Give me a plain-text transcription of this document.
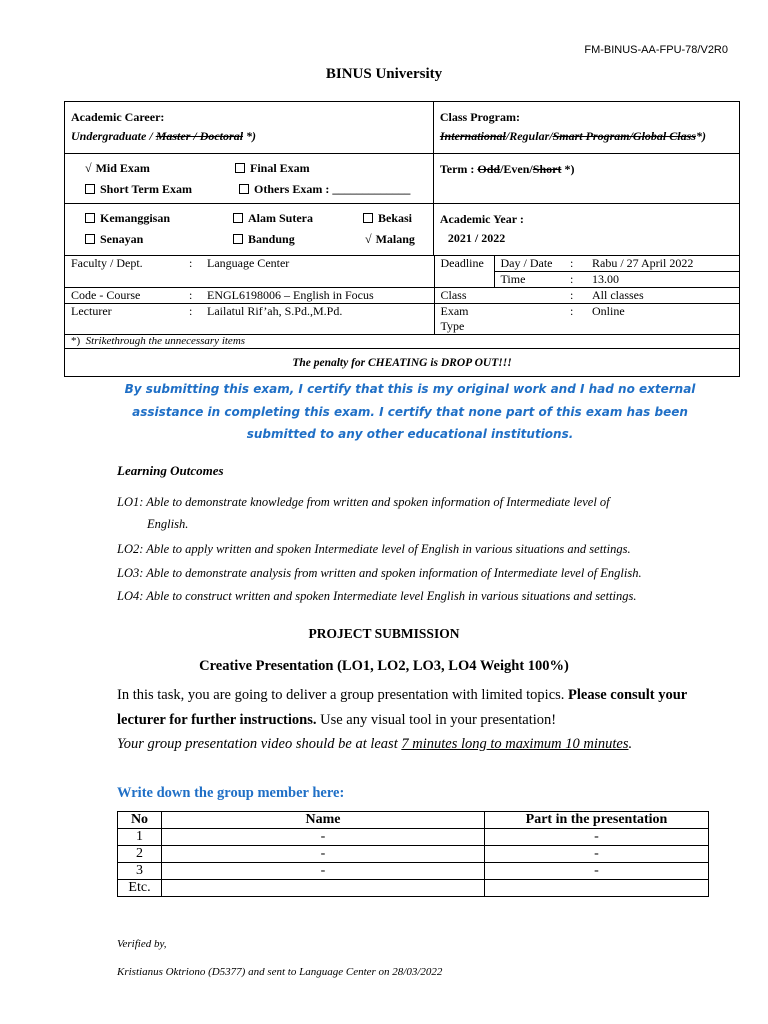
FM-BINUS-AA-FPU-78/V2R0
BINUS University
Academic Career:
Undergraduate / Master / Doctoral *)

Class Program:
International/Regular/Smart Program/Global Class*)

√ Mid Exam	Final Exam
Short Term Exam	Others Exam : _____________

Term : Odd/Even/Short *)

Kemanggisan	Alam Sutera	Bekasi
Senayan	Bandung	√ Malang

Academic Year :
2021 / 2022

Faculty / Dept.	: Language Center	Deadline	Day / Date	:	Rabu / 27 April 2022
Time	:	13.00
Code - Course	: ENGL6198006 – English in Focus	Class		:	All classes
Lecturer	: Lailatul Rif’ah, S.Pd.,M.Pd.	Exam Type		:	Online

*) Strikethrough the unnecessary items
The penalty for CHEATING is DROP OUT!!!
By submitting this exam, I certify that this is my original work and I had no external assistance in completing this exam. I certify that none part of this exam has been submitted to any other educational institutions.
Learning Outcomes
LO1: Able to demonstrate knowledge from written and spoken information of Intermediate level of
English.
LO2: Able to apply written and spoken Intermediate level of English in various situations and settings.
LO3: Able to demonstrate analysis from written and spoken information of Intermediate level of English.
LO4: Able to construct written and spoken Intermediate level English in various situations and settings.
PROJECT SUBMISSION
Creative Presentation (LO1, LO2, LO3, LO4 Weight 100%)
In this task, you are going to deliver a group presentation with limited topics. Please consult your lecturer for further instructions. Use any visual tool in your presentation!
Your group presentation video should be at least 7 minutes long to maximum 10 minutes.
Write down the group member here:
No	Name	Part in the presentation
1	-	-
2	-	-
3	-	-
Etc.		
Verified by,
Kristianus Oktriono (D5377) and sent to Language Center on 28/03/2022
